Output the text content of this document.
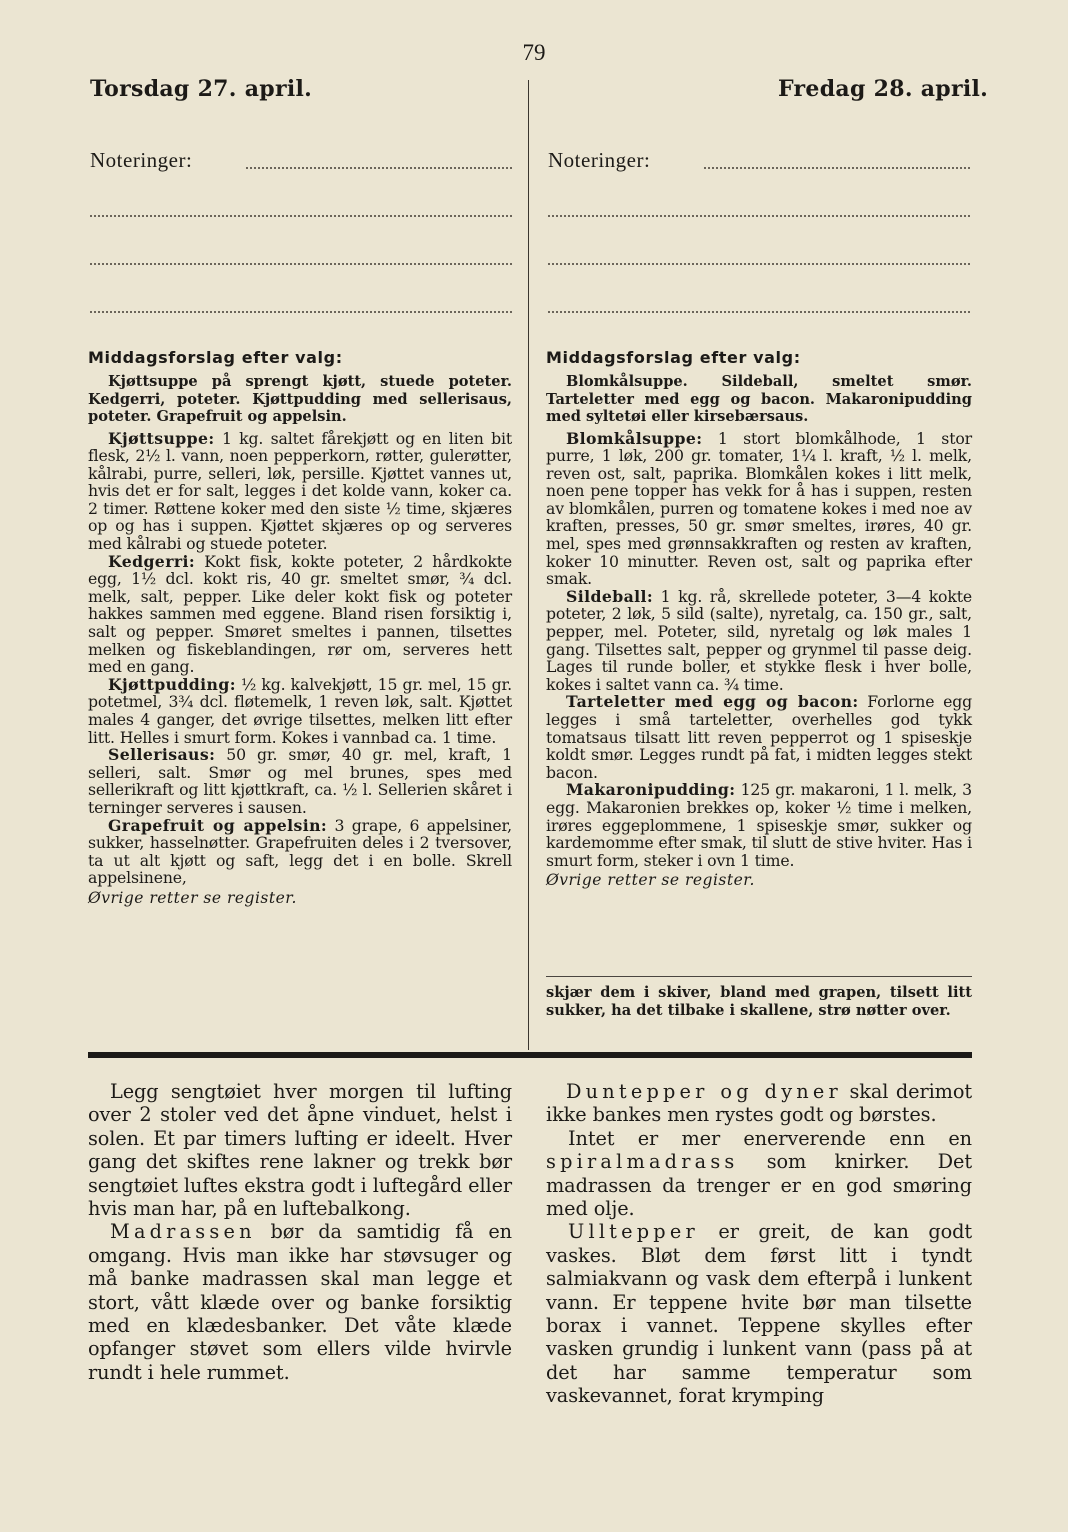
79
Torsdag 27. april.
Noteringer:
Fredag 28. april.
Noteringer:
Middagsforslag efter valg:

Kjøttsuppe på sprengt kjøtt, stuede poteter. Kedgerri, poteter. Kjøttpudding med sellerisaus, poteter. Grapefruit og appelsin.

Kjøttsuppe: 1 kg. saltet fårekjøtt og en liten bit flesk, 2½ l. vann, noen pepperkorn, røtter, gulerøtter, kålrabi, purre, selleri, løk, persille. Kjøttet vannes ut, hvis det er for salt, legges i det kolde vann, koker ca. 2 timer. Røttene koker med den siste ½ time, skjæres op og has i suppen. Kjøttet skjæres op og serveres med kålrabi og stuede poteter.

Kedgerri: Kokt fisk, kokte poteter, 2 hårdkokte egg, 1½ dcl. kokt ris, 40 gr. smeltet smør, ¾ dcl. melk, salt, pepper. Like deler kokt fisk og poteter hakkes sammen med eggene. Bland risen forsiktig i, salt og pepper. Smøret smeltes i pannen, tilsettes melken og fiskeblandingen, rør om, serveres hett med en gang.

Kjøttpudding: ½ kg. kalvekjøtt, 15 gr. mel, 15 gr. potetmel, 3¾ dcl. fløtemelk, 1 reven løk, salt. Kjøttet males 4 ganger, det øvrige tilsettes, melken litt efter litt. Helles i smurt form. Kokes i vannbad ca. 1 time.

Sellerisaus: 50 gr. smør, 40 gr. mel, kraft, 1 selleri, salt. Smør og mel brunes, spes med sellerikraft og litt kjøttkraft, ca. ½ l. Sellerien skåret i terninger serveres i sausen.

Grapefruit og appelsin: 3 grape, 6 appelsiner, sukker, hasselnøtter. Grapefruiten deles i 2 tversover, ta ut alt kjøtt og saft, legg det i en bolle. Skrell appelsinene,

Øvrige retter se register.
Middagsforslag efter valg:

Blomkålsuppe. Sildeball, smeltet smør. Tarteletter med egg og bacon. Makaronipudding med syltetøi eller kirsebærsaus.

Blomkålsuppe: 1 stort blomkålhode, 1 stor purre, 1 løk, 200 gr. tomater, 1¼ l. kraft, ½ l. melk, reven ost, salt, paprika. Blomkålen kokes i litt melk, noen pene topper has vekk for å has i suppen, resten av blomkålen, purren og tomatene kokes i med noe av kraften, presses, 50 gr. smør smeltes, irøres, 40 gr. mel, spes med grønnsakkraften og resten av kraften, koker 10 minutter. Reven ost, salt og paprika efter smak.

Sildeball: 1 kg. rå, skrellede poteter, 3—4 kokte poteter, 2 løk, 5 sild (salte), nyretalg, ca. 150 gr., salt, pepper, mel. Poteter, sild, nyretalg og løk males 1 gang. Tilsettes salt, pepper og grynmel til passe deig. Lages til runde boller, et stykke flesk i hver bolle, kokes i saltet vann ca. ¾ time.

Tarteletter med egg og bacon: Forlorne egg legges i små tarteletter, overhelles god tykk tomatsaus tilsatt litt reven pepperrot og 1 spiseskje koldt smør. Legges rundt på fat, i midten legges stekt bacon.

Makaronipudding: 125 gr. makaroni, 1 l. melk, 3 egg. Makaronien brekkes op, koker ½ time i melken, irøres eggeplommene, 1 spiseskje smør, sukker og kardemomme efter smak, til slutt de stive hviter. Has i smurt form, steker i ovn 1 time.

Øvrige retter se register.

skjær dem i skiver, bland med grapen, tilsett litt sukker, ha det tilbake i skallene, strø nøtter over.

Legg sengtøiet hver morgen til lufting over 2 stoler ved det åpne vinduet, helst i solen. Et par timers lufting er ideelt. Hver gang det skiftes rene lakner og trekk bør sengtøiet luftes ekstra godt i luftegård eller hvis man har, på en luftebalkong.

Madrassen bør da samtidig få en omgang. Hvis man ikke har støvsuger og må banke madrassen skal man legge et stort, vått klæde over og banke forsiktig med en klædesbanker. Det våte klæde opfanger støvet som ellers vilde hvirvle rundt i hele rummet.

Duntepper og dyner skal derimot ikke bankes men rystes godt og børstes.

Intet er mer enerverende enn en spiralmadrass som knirker. Det madrassen da trenger er en god smøring med olje.

Ulltepper er greit, de kan godt vaskes. Bløt dem først litt i tyndt salmiakvann og vask dem efterpå i lunkent vann. Er teppene hvite bør man tilsette borax i vannet. Teppene skylles efter vasken grundig i lunkent vann (pass på at det har samme temperatur som vaskevannet, forat krymping
